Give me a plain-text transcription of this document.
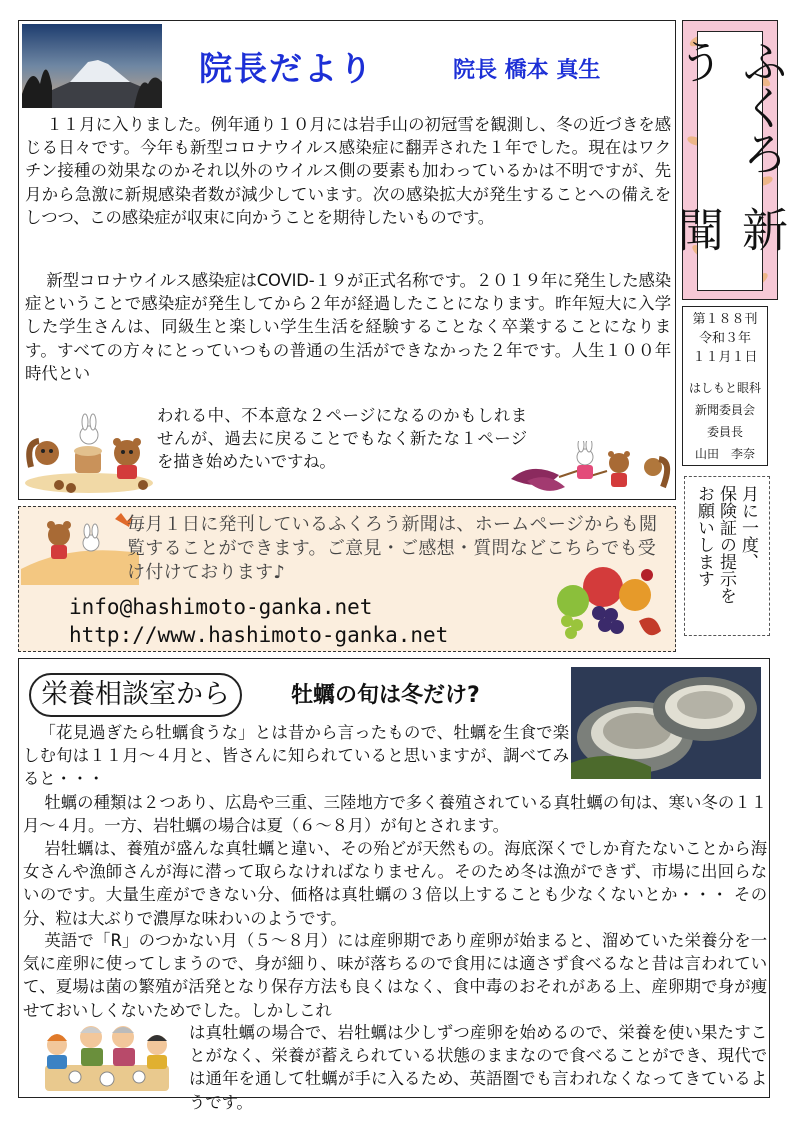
院長だより	院長 橋本 真生

１１月に入りました。例年通り１０月には岩手山の初冠雪を観測し、冬の近づきを感じる日々です。今年も新型コロナウイルス感染症に翻弄された１年でした。現在はワクチン接種の効果なのかそれ以外のウイルス側の要素も加わっているかは不明ですが、先月から急激に新規感染者数が減少しています。次の感染拡大が発生することへの備えをしつつ、この感染症が収束に向かうことを期待したいものです。

新型コロナウイルス感染症はCOVID-１９が正式名称です。２０１９年に発生した感染症ということで感染症が発生してから２年が経過したことになります。昨年短大に入学した学生さんは、同級生と楽しい学生生活を経験することなく卒業することになります。すべての方々にとっていつもの普通の生活ができなかった２年です。人生１００年時代とい

われる中、不本意な２ページになるのかもしれませんが、過去に戻ることでもなく新たな１ページを描き始めたいですね。

ふくろう
新聞
第１８８刊
令和３年
１１月１日
はしもと眼科
新聞委員会
委員長
山田　李奈
月に一度、
保険証の提示を
お願いします

毎月１日に発刊しているふくろう新聞は、ホームページからも閲覧することができます。ご意見・ご感想・質問などこちらでも受け付けております♪

info@hashimoto-ganka.net
http://www.hashimoto-ganka.net
栄養相談室から	牡蠣の旬は冬だけ?

「花見過ぎたら牡蠣食うな」とは昔から言ったもので、牡蠣を生食で楽しむ旬は１１月～４月と、皆さんに知られていると思いますが、調べてみると・・・

牡蠣の種類は２つあり、広島や三重、三陸地方で多く養殖されている真牡蠣の旬は、寒い冬の１１月～４月。一方、岩牡蠣の場合は夏（６～８月）が旬とされます。

岩牡蠣は、養殖が盛んな真牡蠣と違い、その殆どが天然もの。海底深くでしか育たないことから海女さんや漁師さんが海に潜って取らなければなりません。そのため冬は漁ができず、市場に出回らないのです。大量生産ができない分、価格は真牡蠣の３倍以上することも少なくないとか・・・ その分、粒は大ぶりで濃厚な味わいのようです。

英語で「R」のつかない月（５～８月）には産卵期であり産卵が始まると、溜めていた栄養分を一気に産卵に使ってしまうので、身が細り、味が落ちるので食用には適さず食べるなと昔は言われていて、夏場は菌の繁殖が活発となり保存方法も良くはなく、食中毒のおそれがある上、産卵期で身が痩せておいしくないためでした。しかしこれ

は真牡蠣の場合で、岩牡蠣は少しずつ産卵を始めるので、栄養を使い果たすことがなく、栄養が蓄えられている状態のままなので食べることができ、現代では通年を通して牡蠣が手に入るため、英語圏でも言われなくなってきているようです。
